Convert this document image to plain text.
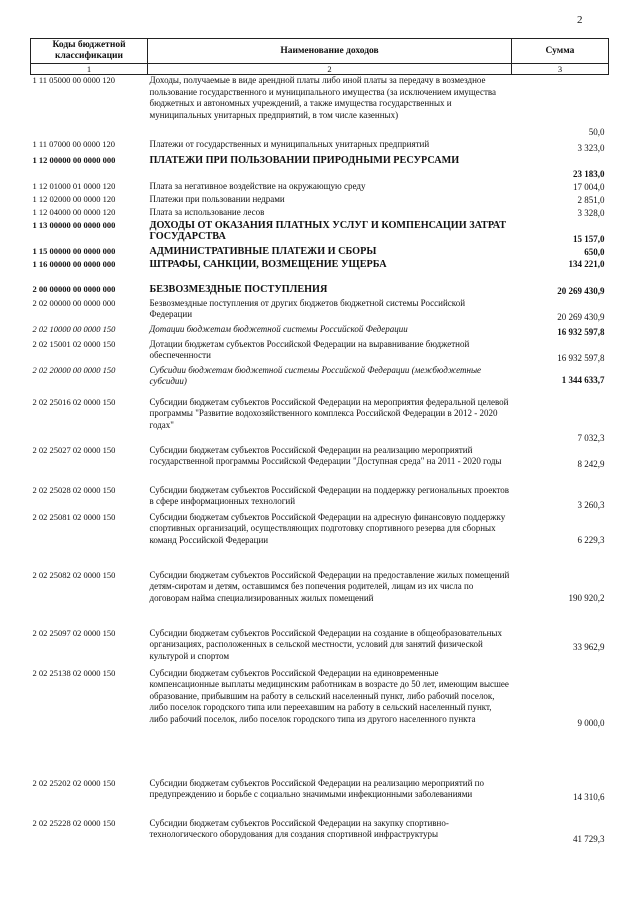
2
Коды бюджетной классификации	Наименование доходов	Сумма
1	2	3
1 11 05000 00 0000 120	Доходы, получаемые в виде арендной платы либо иной платы за передачу в возмездное пользование государственного и муниципального имущества (за исключением имущества бюджетных и автономных учреждений, а также имущества государственных и муниципальных унитарных предприятий, в том числе казенных)	50,0
1 11 07000 00 0000 120	Платежи от государственных и муниципальных унитарных предприятий	3 323,0
1 12 00000 00 0000 000	ПЛАТЕЖИ ПРИ ПОЛЬЗОВАНИИ ПРИРОДНЫМИ РЕСУРСАМИ	23 183,0
1 12 01000 01 0000 120	Плата за негативное воздействие на окружающую среду	17 004,0
1 12 02000 00 0000 120	Платежи при пользовании недрами	2 851,0
1 12 04000 00 0000 120	Плата за использование лесов	3 328,0
1 13 00000 00 0000 000	ДОХОДЫ ОТ ОКАЗАНИЯ ПЛАТНЫХ УСЛУГ И КОМПЕНСАЦИИ ЗАТРАТ ГОСУДАРСТВА	15 157,0
1 15 00000 00 0000 000	АДМИНИСТРАТИВНЫЕ ПЛАТЕЖИ И СБОРЫ	650,0
1 16 00000 00 0000 000	ШТРАФЫ, САНКЦИИ, ВОЗМЕЩЕНИЕ УЩЕРБА	134 221,0
2 00 00000 00 0000 000	БЕЗВОЗМЕЗДНЫЕ ПОСТУПЛЕНИЯ	20 269 430,9
2 02 00000 00 0000 000	Безвозмездные поступления от других бюджетов бюджетной системы Российской Федерации	20 269 430,9
2 02 10000 00 0000 150	Дотации бюджетам бюджетной системы Российской Федерации	16 932 597,8
2 02 15001 02 0000 150	Дотации бюджетам субъектов Российской Федерации на выравнивание бюджетной обеспеченности	16 932 597,8
2 02 20000 00 0000 150	Субсидии бюджетам бюджетной системы Российской Федерации (межбюджетные субсидии)	1 344 633,7
2 02 25016 02 0000 150	Субсидии бюджетам субъектов Российской Федерации на мероприятия федеральной целевой программы "Развитие водохозяйственного комплекса Российской Федерации в 2012 - 2020 годах"	7 032,3
2 02 25027 02 0000 150	Субсидии бюджетам субъектов Российской Федерации на реализацию мероприятий государственной программы Российской Федерации "Доступная среда" на 2011 - 2020 годы	8 242,9
2 02 25028 02 0000 150	Субсидии бюджетам субъектов Российской Федерации на поддержку региональных проектов в сфере информационных технологий	3 260,3
2 02 25081 02 0000 150	Субсидии бюджетам субъектов Российской Федерации на адресную финансовую поддержку спортивных организаций, осуществляющих подготовку спортивного резерва для сборных команд Российской Федерации	6 229,3
2 02 25082 02 0000 150	Субсидии бюджетам субъектов Российской Федерации на предоставление жилых помещений детям-сиротам и детям, оставшимся без попечения родителей, лицам из их числа по договорам найма специализированных жилых помещений	190 920,2
2 02 25097 02 0000 150	Субсидии бюджетам субъектов Российской Федерации на создание в общеобразовательных организациях, расположенных в сельской местности, условий для занятий физической культурой и спортом	33 962,9
2 02 25138 02 0000 150	Субсидии бюджетам субъектов Российской Федерации на единовременные компенсационные выплаты медицинским работникам в возрасте до 50 лет, имеющим высшее образование, прибывшим на работу в сельский населенный пункт, либо рабочий поселок, либо поселок городского типа или переехавшим на работу в сельский населенный пункт, либо рабочий поселок, либо поселок городского типа из другого населенного пункта	9 000,0
2 02 25202 02 0000 150	Субсидии бюджетам субъектов Российской Федерации на реализацию мероприятий по предупреждению и борьбе с социально значимыми инфекционными заболеваниями	14 310,6
2 02 25228 02 0000 150	Субсидии бюджетам субъектов Российской Федерации на закупку спортивно-технологического оборудования для создания спортивной инфраструктуры	41 729,3
